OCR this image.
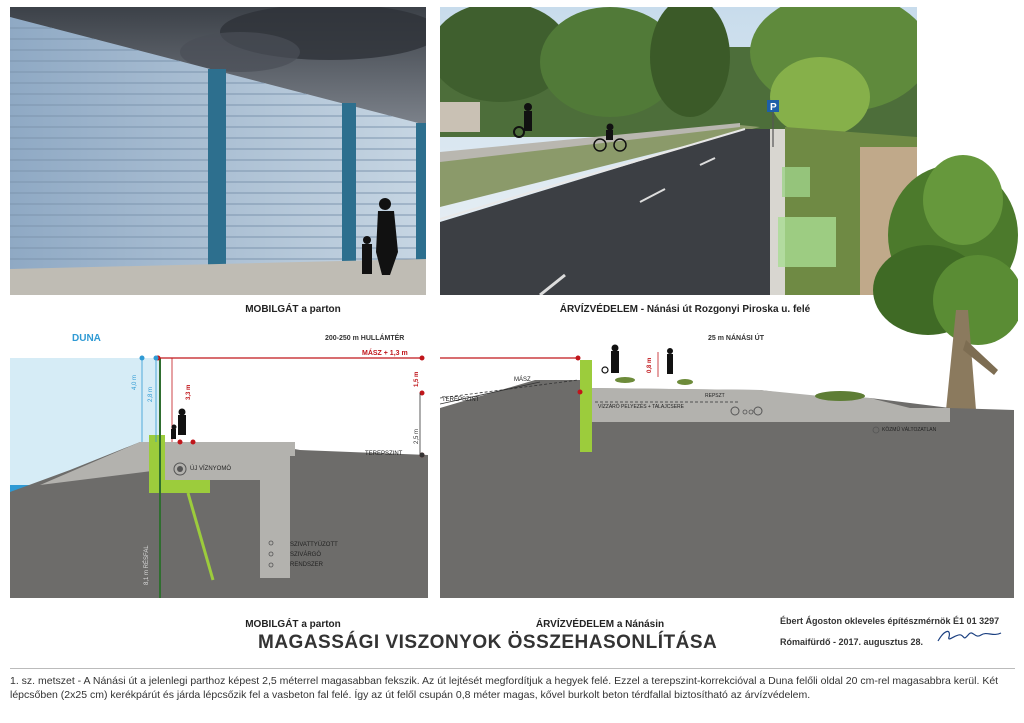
P
MOBILGÁT a parton	ÁRVÍZVÉDELEM - Nánási út Rozgonyi Piroska u. felé
DUNA	200-250 m HULLÁMTÉR
MÁSZ + 1,3 m
4,0 m
2,8 m	3,3 m
1,5 m
2,5 m
TEREPSZINT
ÚJ VÍZNYOMÓ
SZIVATTYÚZOTT
SZIVÁRGÓ
RENDSZER
8,1 m RÉSFAL
25 m NÁNÁSI ÚT
MÁSZ
TEREPSZINT
0,8 m
VÍZZÁRÓ PELYEZÉS + TALAJCSERE
REPSZT
KÖZMŰ VÁLTOZATLAN
MOBILGÁT a parton	ÁRVÍZVÉDELEM a Nánásin
MAGASSÁGI VISZONYOK ÖSSZEHASONLÍTÁSA
Ébert Ágoston okleveles építészmérnök É1 01 3297
Rómaifürdő - 2017. augusztus 28.
1. sz. metszet - A Nánási út a jelenlegi parthoz képest 2,5 méterrel magasabban fekszik. Az út lejtését megfordítjuk a hegyek felé. Ezzel a terepszint-korrekcióval a Duna felőli oldal 20 cm-rel magasabbra kerül. Két lépcsőben (2x25 cm) kerékpárút és járda lépcsőzik fel a vasbeton fal felé. Így az út felől csupán 0,8 méter magas, kővel burkolt beton térdfallal biztosítható az árvízvédelem.
